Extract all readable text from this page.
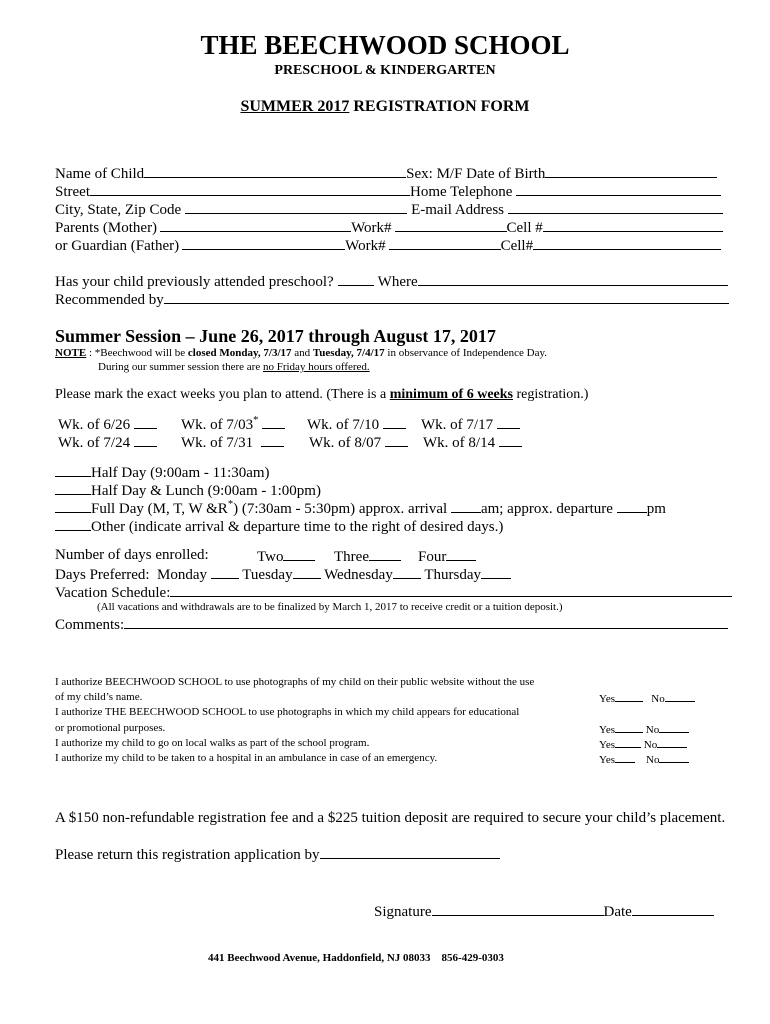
THE BEECHWOOD SCHOOL
PRESCHOOL & KINDERGARTEN
SUMMER 2017 REGISTRATION FORM
Name of Child	Sex: M/F Date of Birth
Street	Home Telephone
City, State, Zip Code	E-mail Address
Parents (Mother)	Work#	Cell #
or Guardian (Father)	Work#	Cell#
Has your child previously attended preschool?	Where
Recommended by
Summer Session – June 26, 2017 through August 17, 2017
NOTE : *Beechwood will be closed Monday, 7/3/17 and Tuesday, 7/4/17 in observance of Independence Day.
During our summer session there are no Friday hours offered.
Please mark the exact weeks you plan to attend. (There is a minimum of 6 weeks registration.)
Wk. of 6/26	Wk. of 7/03*	Wk. of 7/10	Wk. of 7/17
Wk. of 7/24	Wk. of 7/31	Wk. of 8/07	Wk. of 8/14
Half Day (9:00am - 11:30am)
Half Day & Lunch (9:00am - 1:00pm)
Full Day (M, T, W &R*) (7:30am - 5:30pm) approx. arrival am; approx. departure pm
Other (indicate arrival & departure time to the right of desired days.)
Number of days enrolled:	Two	Three	Four
Days Preferred: Monday Tuesday Wednesday Thursday
Vacation Schedule:
(All vacations and withdrawals are to be finalized by March 1, 2017 to receive credit or a tuition deposit.)
Comments:
I authorize BEECHWOOD SCHOOL to use photographs of my child on their public website without the use
of my child’s name.	Yes	No
I authorize THE BEECHWOOD SCHOOL to use photographs in which my child appears for educational
or promotional purposes.	Yes	No
I authorize my child to go on local walks as part of the school program.	Yes	No
I authorize my child to be taken to a hospital in an ambulance in case of an emergency.	Yes	No
A $150 non-refundable registration fee and a $225 tuition deposit are required to secure your child’s placement.
Please return this registration application by
Signature	Date
441 Beechwood Avenue, Haddonfield, NJ 08033    856-429-0303
